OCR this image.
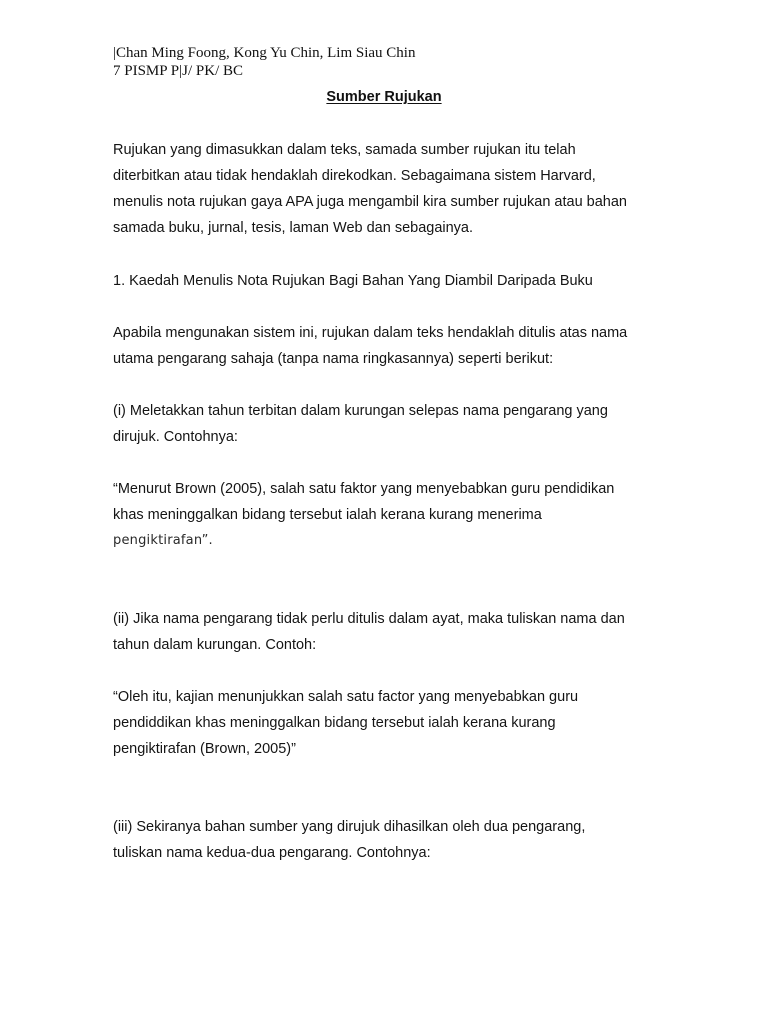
|Chan Ming Foong, Kong Yu Chin, Lim Siau Chin
7 PISMP P|J/ PK/ BC
Sumber Rujukan
Rujukan yang dimasukkan dalam teks, samada sumber rujukan itu telah
diterbitkan atau tidak hendaklah direkodkan. Sebagaimana sistem Harvard,
menulis nota rujukan gaya APA juga mengambil kira sumber rujukan atau bahan
samada buku, jurnal, tesis, laman Web dan sebagainya.
1. Kaedah Menulis Nota Rujukan Bagi Bahan Yang Diambil Daripada Buku
Apabila mengunakan sistem ini, rujukan dalam teks hendaklah ditulis atas nama
utama pengarang sahaja (tanpa nama ringkasannya) seperti berikut:
(i) Meletakkan tahun terbitan dalam kurungan selepas nama pengarang yang
dirujuk. Contohnya:
“Menurut Brown (2005), salah satu faktor yang menyebabkan guru pendidikan
khas meninggalkan bidang tersebut ialah kerana kurang menerima
pengiktirafan”.
(ii) Jika nama pengarang tidak perlu ditulis dalam ayat, maka tuliskan nama dan
tahun dalam kurungan. Contoh:
“Oleh itu, kajian menunjukkan salah satu factor yang menyebabkan guru
pendiddikan khas meninggalkan bidang tersebut ialah kerana kurang
pengiktirafan (Brown, 2005)”
(iii) Sekiranya bahan sumber yang dirujuk dihasilkan oleh dua pengarang,
tuliskan nama kedua-dua pengarang. Contohnya:
